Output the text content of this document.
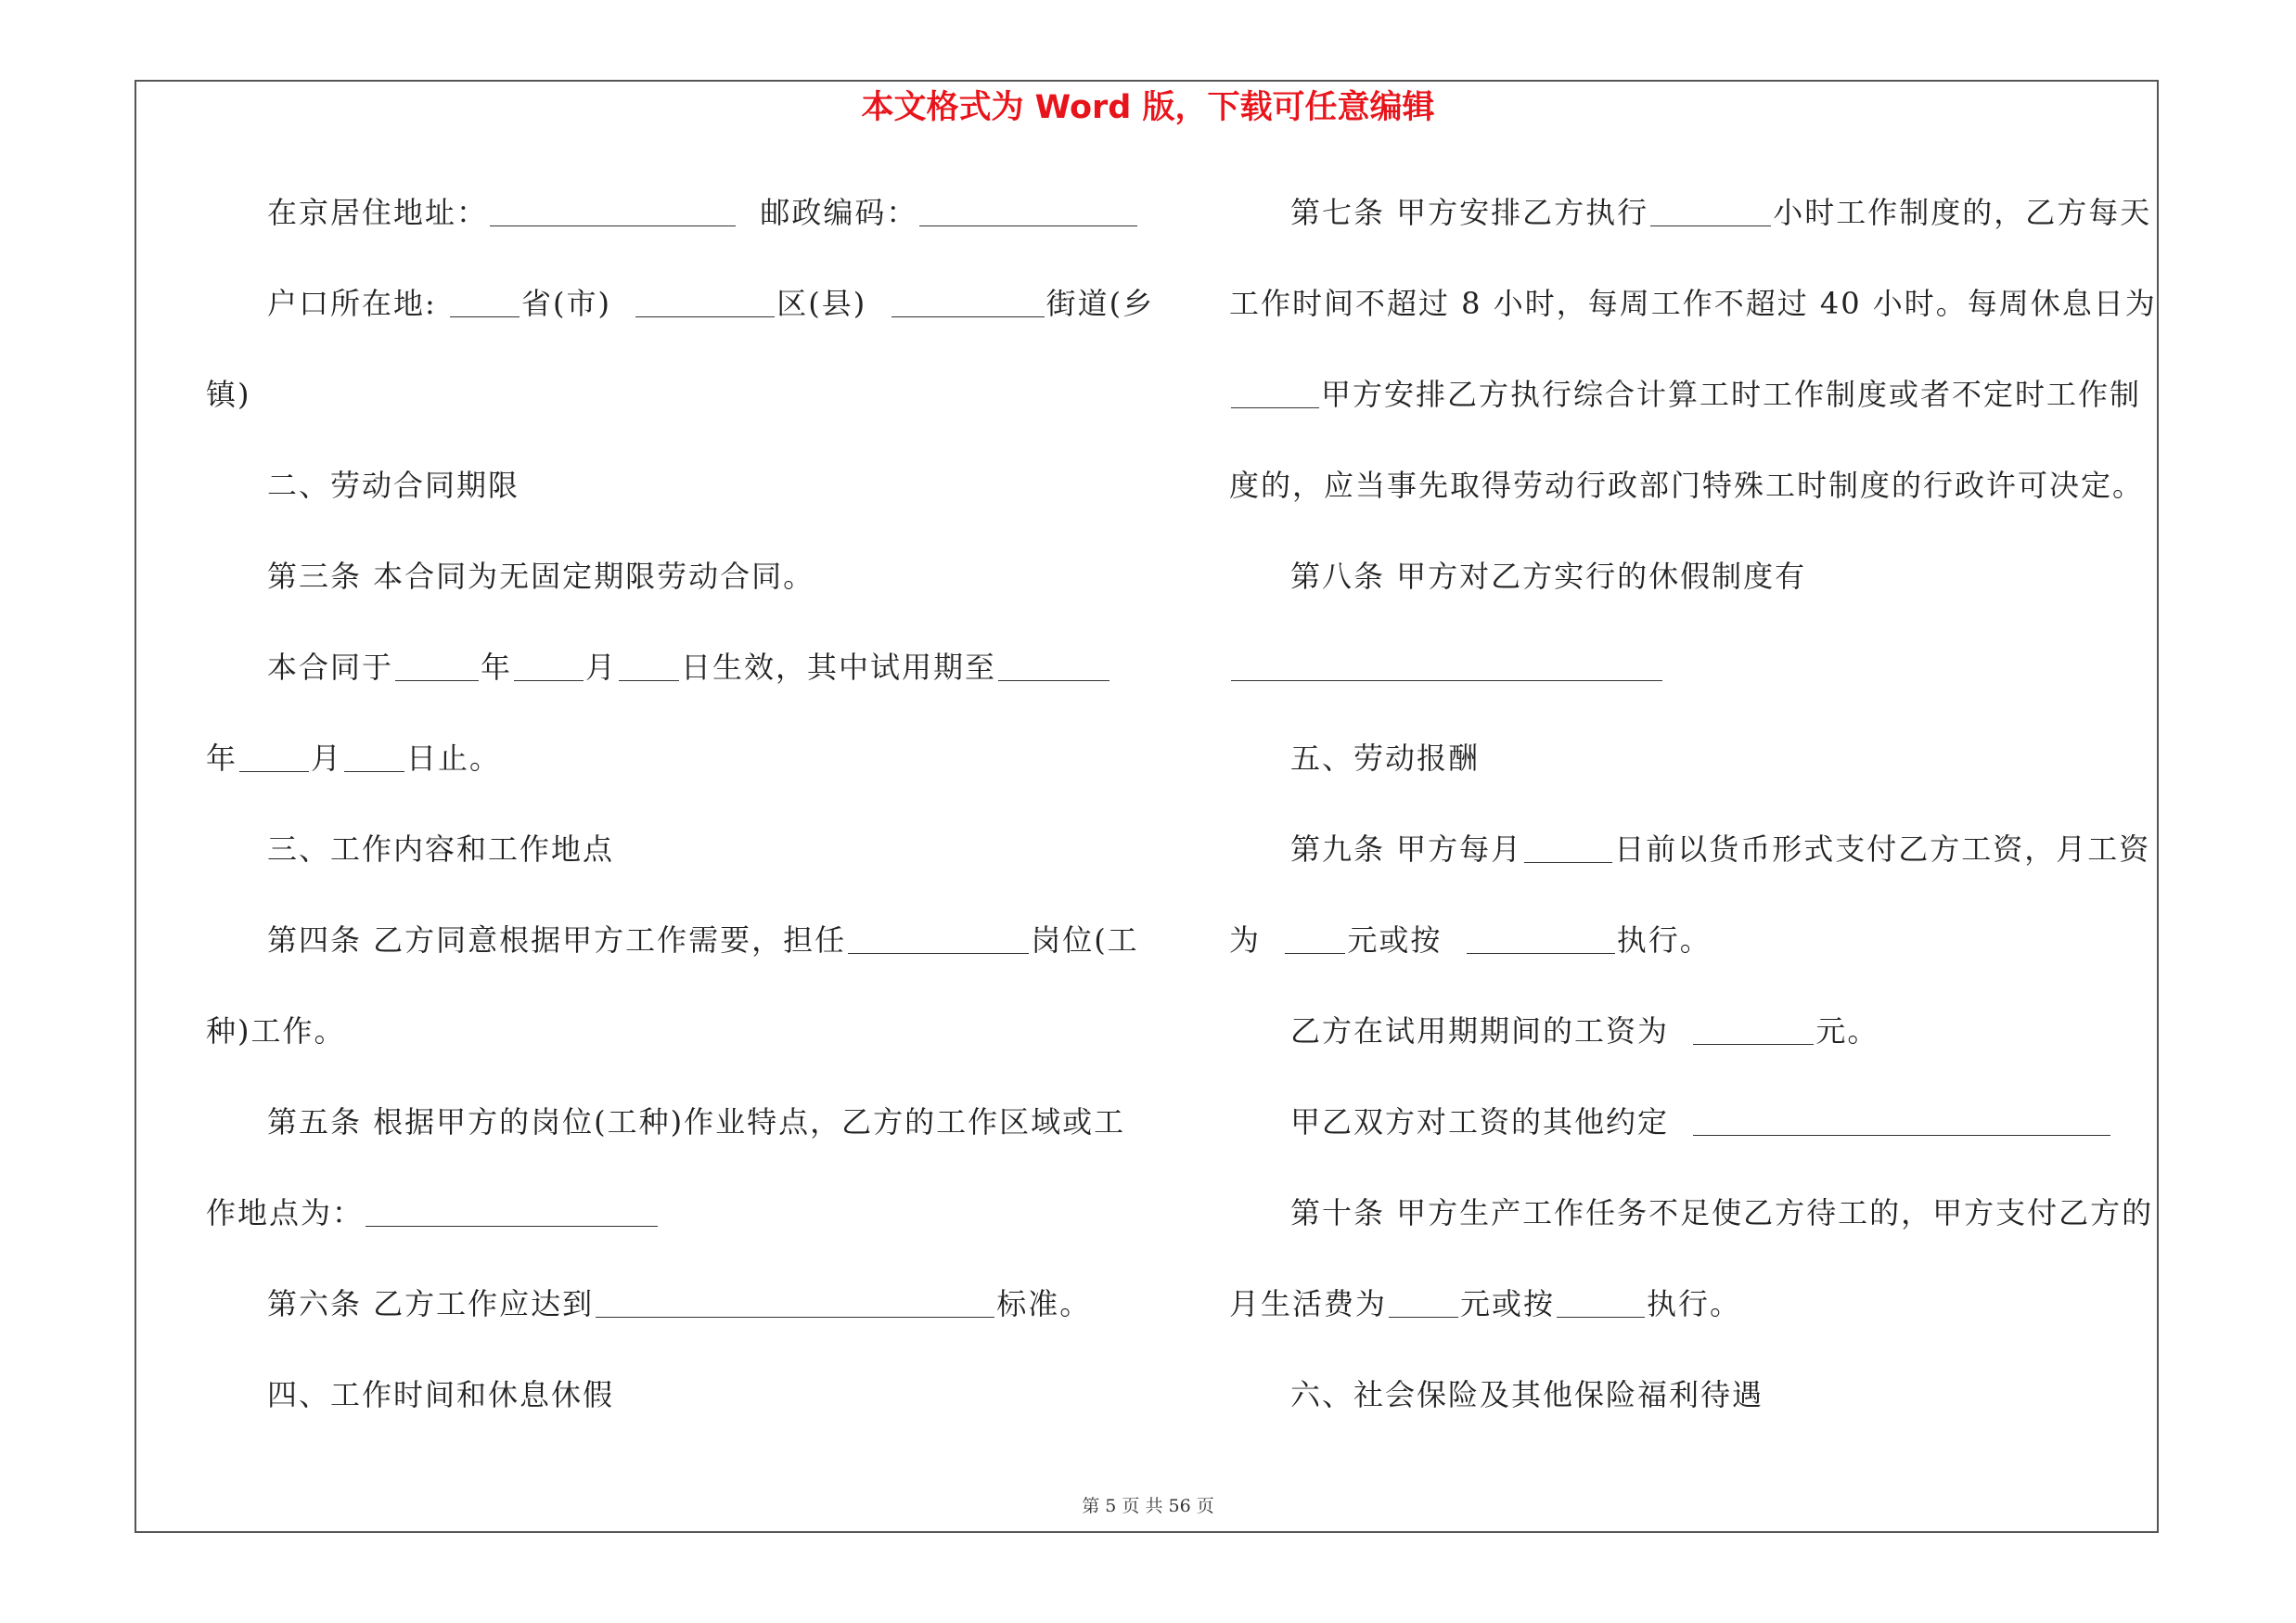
本文格式为 Word 版，下载可任意编辑
在京居住地址：	邮政编码：
户口所在地:	省(市)	区(县)	街道(乡
镇)
二、劳动合同期限
第三条 本合同为无固定期限劳动合同。
本合同于	年 月 日生效，其中试用期至
年 月 日止。
三、工作内容和工作地点
第四条 乙方同意根据甲方工作需要，担任	岗位(工
种)工作。
第五条 根据甲方的岗位(工种)作业特点，乙方的工作区域或工
作地点为：
第六条 乙方工作应达到	标准。
四、工作时间和休息休假
第七条 甲方安排乙方执行	小时工作制度的，乙方每天
工作时间不超过 8 小时，每周工作不超过 40 小时。每周休息日为
甲方安排乙方执行综合计算工时工作制度或者不定时工作制
度的，应当事先取得劳动行政部门特殊工时制度的行政许可决定。
第八条 甲方对乙方实行的休假制度有
五、劳动报酬
第九条 甲方每月	日前以货币形式支付乙方工资，月工资
为	元或按	执行。
乙方在试用期期间的工资为	元。
甲乙双方对工资的其他约定
第十条 甲方生产工作任务不足使乙方待工的，甲方支付乙方的
月生活费为 元或按	执行。
六、社会保险及其他保险福利待遇
第 5 页 共 56 页
